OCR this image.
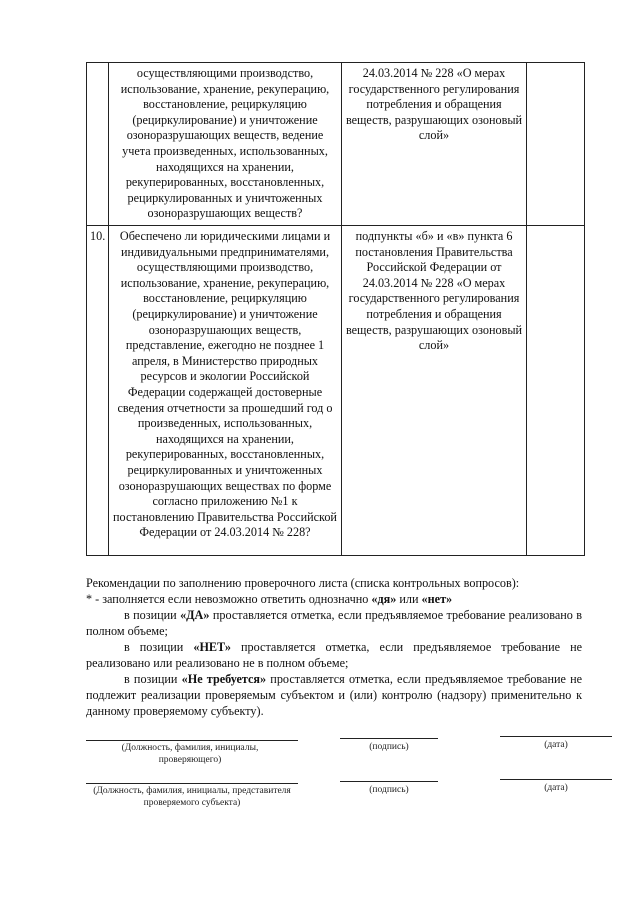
	осуществляющими производство, использование, хранение, рекуперацию, восстановление, рециркуляцию (рециркулирование) и уничтожение озоноразрушающих веществ, ведение учета произведенных, использованных, находящихся на хранении, рекуперированных, восстановленных, рециркулированных и уничтоженных озоноразрушающих веществ?	24.03.2014 № 228 «О мерах государственного регулирования потребления и обращения веществ, разрушающих озоновый слой»	
10.	Обеспечено ли юридическими лицами и индивидуальными предпринимателями, осуществляющими производство, использование, хранение, рекуперацию, восстановление, рециркуляцию (рециркулирование) и уничтожение озоноразрушающих веществ, представление, ежегодно не позднее 1 апреля, в Министерство природных ресурсов и экологии Российской Федерации содержащей достоверные сведения отчетности за прошедший год о произведенных, использованных, находящихся на хранении, рекуперированных, восстановленных, рециркулированных и уничтоженных озоноразрушающих веществах по форме согласно приложению №1 к постановлению Правительства Российской Федерации от 24.03.2014 № 228?	подпункты «б» и «в» пункта 6 постановления Правительства Российской Федерации от 24.03.2014 № 228 «О мерах государственного регулирования потребления и обращения веществ, разрушающих озоновый слой»	

Рекомендации по заполнению проверочного листа (списка контрольных вопросов):

* - заполняется если невозможно ответить однозначно «дя» или «нет»

в позиции «ДА» проставляется отметка, если предъявляемое требование реализовано в полном объеме;

в позиции «НЕТ» проставляется отметка, если предъявляемое требование не реализовано или реализовано не в полном объеме;

в позиции «Не требуется» проставляется отметка, если предъявляемое требование не подлежит реализации проверяемым субъектом и (или) контролю (надзору) применительно к данному проверяемому субъекту).

(Должность, фамилия, инициалы, проверяющего)
(подпись)	(дата)
(Должность, фамилия, инициалы, представителя проверяемого субъекта)
(подпись)	(дата)
